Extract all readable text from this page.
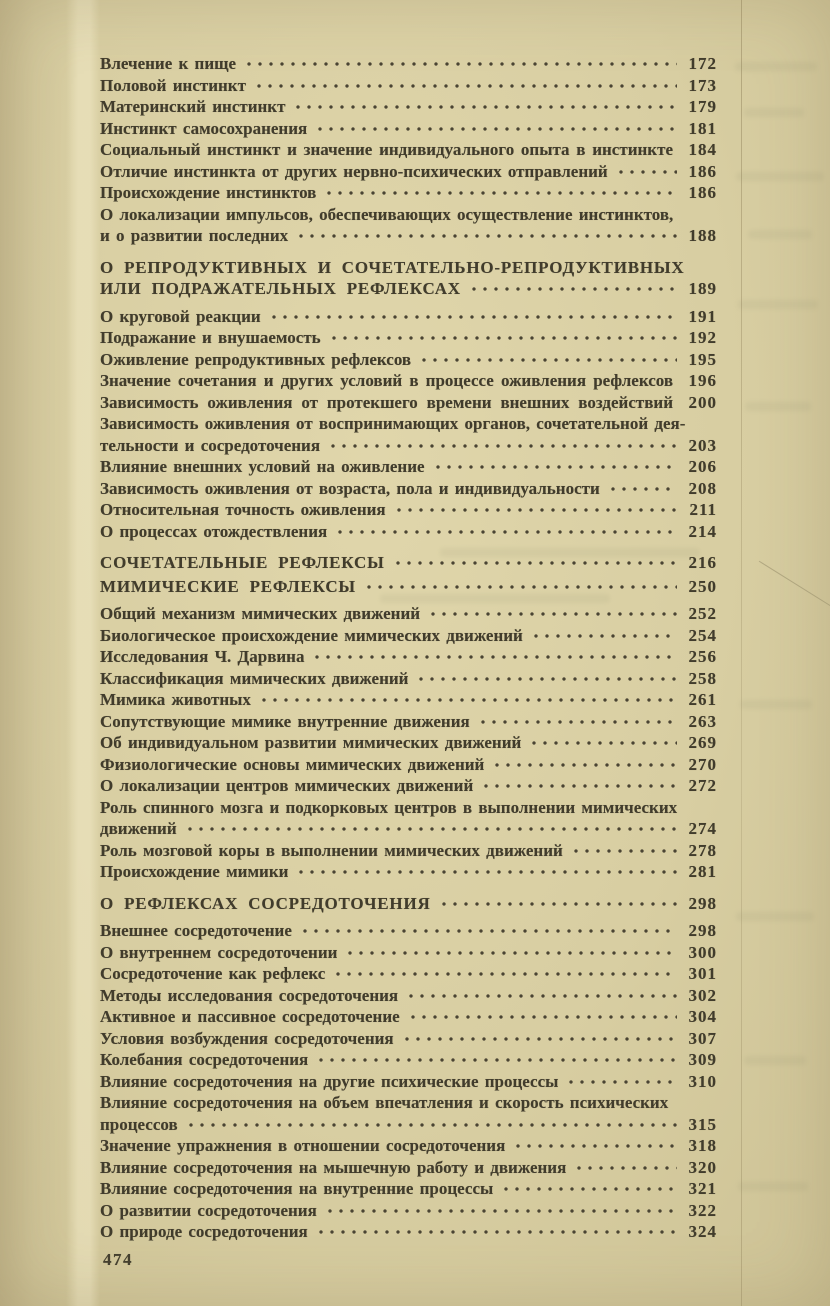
Влечение к пище	172
Половой инстинкт	173
Материнский инстинкт	179
Инстинкт самосохранения	181
Социальный инстинкт и значение индивидуального опыта в инстинкте 184
Отличие инстинкта от других нервно-психических отправлений	186
Происхождение инстинктов	186
О локализации импульсов, обеспечивающих осуществление инстинктов,
и о развитии последних	188
О РЕПРОДУКТИВНЫХ И СОЧЕТАТЕЛЬНО-РЕПРОДУКТИВНЫХ
ИЛИ ПОДРАЖАТЕЛЬНЫХ РЕФЛЕКСАХ	189
О круговой реакции	191
Подражание и внушаемость	192
Оживление репродуктивных рефлексов	195
Значение сочетания и других условий в процессе оживления рефлексов 196
Зависимость оживления от протекшего времени внешних воздействий 200
Зависимость оживления от воспринимающих органов, сочетательной дея-
тельности и сосредоточения	203
Влияние внешних условий на оживление	206
Зависимость оживления от возраста, пола и индивидуальности	208
Относительная точность оживления	211
О процессах отождествления	214
СОЧЕТАТЕЛЬНЫЕ РЕФЛЕКСЫ	216
МИМИЧЕСКИЕ РЕФЛЕКСЫ	250
Общий механизм мимических движений	252
Биологическое происхождение мимических движений	254
Исследования Ч. Дарвина	256
Классификация мимических движений	258
Мимика животных	261
Сопутствующие мимике внутренние движения	263
Об индивидуальном развитии мимических движений	269
Физиологические основы мимических движений	270
О локализации центров мимических движений	272
Роль спинного мозга и подкорковых центров в выполнении мимических
движений	274
Роль мозговой коры в выполнении мимических движений	278
Происхождение мимики	281
О РЕФЛЕКСАХ СОСРЕДОТОЧЕНИЯ	298
Внешнее сосредоточение	298
О внутреннем сосредоточении	300
Сосредоточение как рефлекс	301
Методы исследования сосредоточения	302
Активное и пассивное сосредоточение	304
Условия возбуждения сосредоточения	307
Колебания сосредоточения	309
Влияние сосредоточения на другие психические процессы	310
Влияние сосредоточения на объем впечатления и скорость психических
процессов	315
Значение упражнения в отношении сосредоточения	318
Влияние сосредоточения на мышечную работу и движения	320
Влияние сосредоточения на внутренние процессы	321
О развитии сосредоточения	322
О природе сосредоточения	324
474
